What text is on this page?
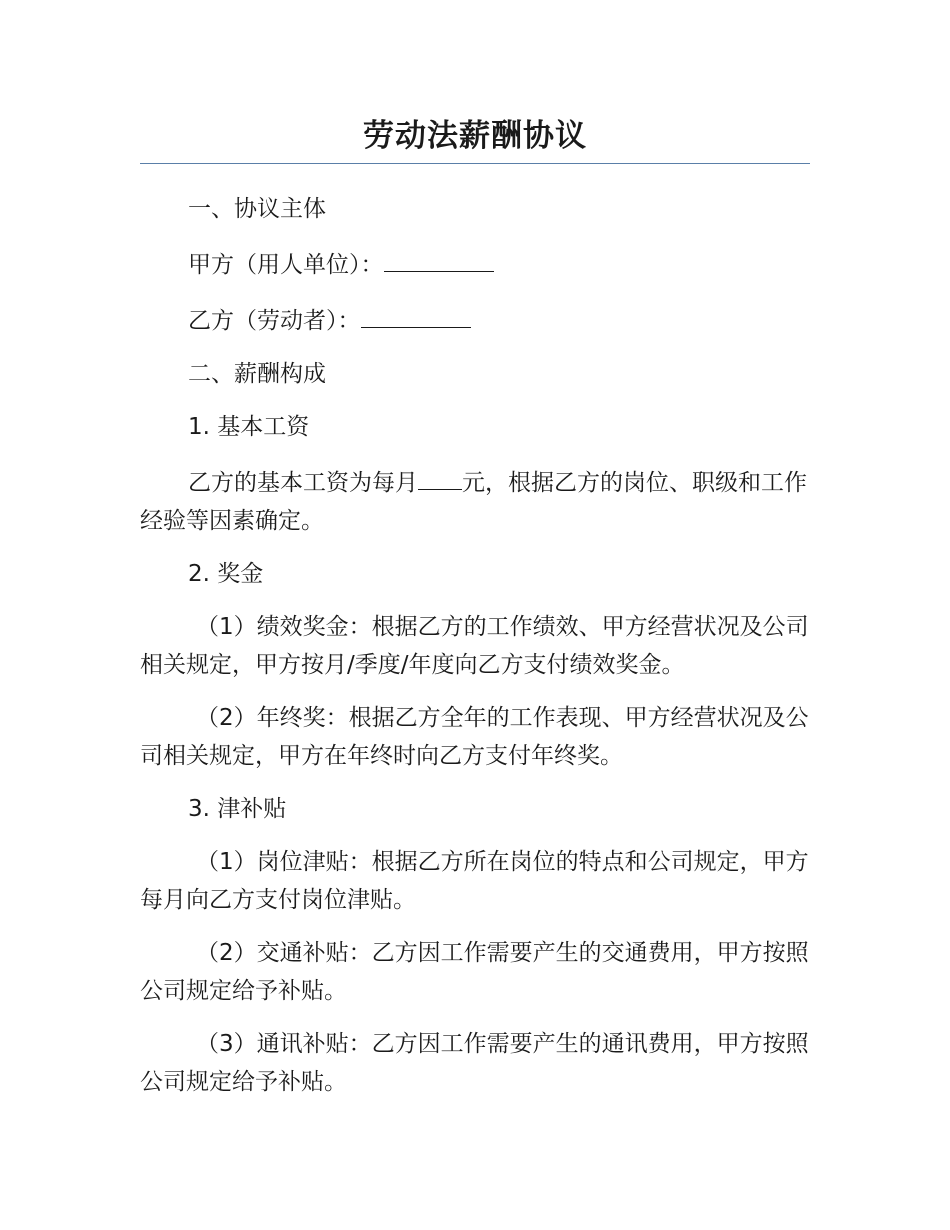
劳动法薪酬协议

一、协议主体

甲方（用人单位）：

乙方（劳动者）：

二、薪酬构成

1. 基本工资

乙方的基本工资为每月 元，根据乙方的岗位、职级和工作经验等因素确定。

2. 奖金

（1）绩效奖金：根据乙方的工作绩效、甲方经营状况及公司相关规定，甲方按月/季度/年度向乙方支付绩效奖金。

（2）年终奖：根据乙方全年的工作表现、甲方经营状况及公司相关规定，甲方在年终时向乙方支付年终奖。

3. 津补贴

（1）岗位津贴：根据乙方所在岗位的特点和公司规定，甲方每月向乙方支付岗位津贴。

（2）交通补贴：乙方因工作需要产生的交通费用，甲方按照公司规定给予补贴。

（3）通讯补贴：乙方因工作需要产生的通讯费用，甲方按照公司规定给予补贴。
